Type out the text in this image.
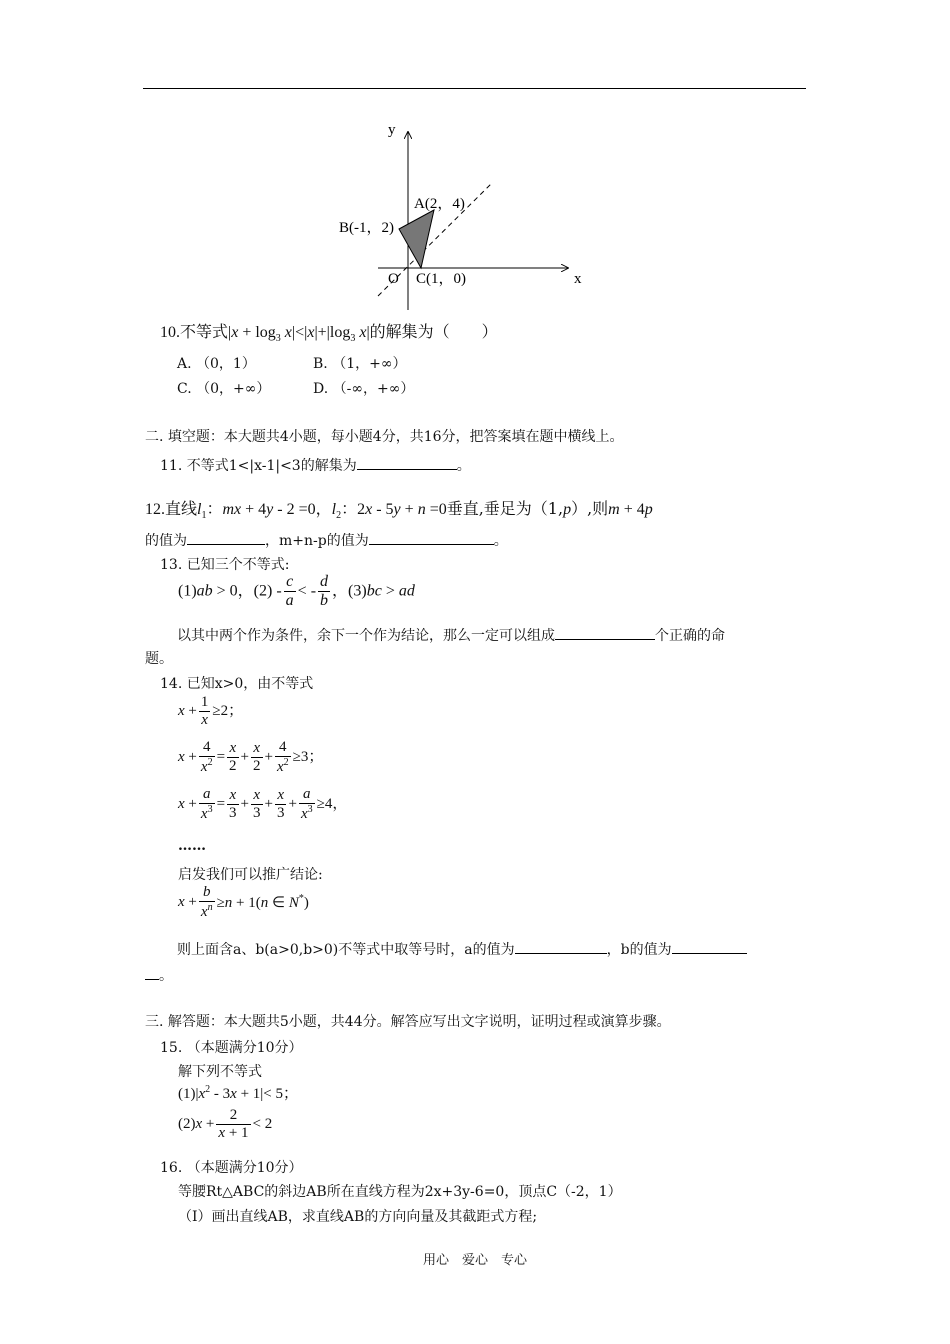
y
x
O
A(2，4)
B(-1，2)
C(1，0)
10.不等式$|x + \log_3 x|<|x|+|\log_3$ x|的解集为（　　）
A. （0，1）	B. （1，+∞）
C. （0，+∞）	D. （-∞，+∞）
二. 填空题：本大题共4小题，每小题4分，共16分，把答案填在题中横线上。
11. 不等式1<|x-1|<3的解集为	。
12.直线$l_1$：mx + 4y - 2 =0，$l_2$：2x - 5y + n =0垂直,垂足为（1,p）,则m + 4p
的值为	，m+n-p的值为	。
13. 已知三个不等式:
(1)ab > 0，$(2) - \frac{c}{a}$ < - $\frac{d}{b}$ ，(3)bc > ad
以其中两个作为条件，余下一个作为结论，那么一定可以组成	个正确的命
题。
14. 已知x>0，由不等式
$x + \frac{1}{x} \ge 2$；
$x + \frac{4}{x^2} = \frac{x}{2} + \frac{x}{2} + \frac{4}{x^2} \ge 3$；
$x + \frac{a}{x^3} = \frac{x}{3} + \frac{x}{3} + \frac{x}{3} + \frac{a}{x^3} \ge 4$，
……
启发我们可以推广结论:
$x + \frac{b}{x^n} \ge n + 1(n$ ∈ N*)
则上面含a、b(a>0,b>0)不等式中取等号时，a的值为	，b的值为
。
三. 解答题：本大题共5小题，共44分。解答应写出文字说明，证明过程或演算步骤。
15. （本题满分10分）
解下列不等式
$(1)|x^2 - 3x + 1|< 5$；
$(2)x + \frac{2}{x + 1} < 2$
16. （本题满分10分）
等腰Rt△ABC的斜边AB所在直线方程为2x+3y-6=0，顶点C（-2，1）
（I）画出直线AB，求直线AB的方向向量及其截距式方程;
用心　爱心　专心
